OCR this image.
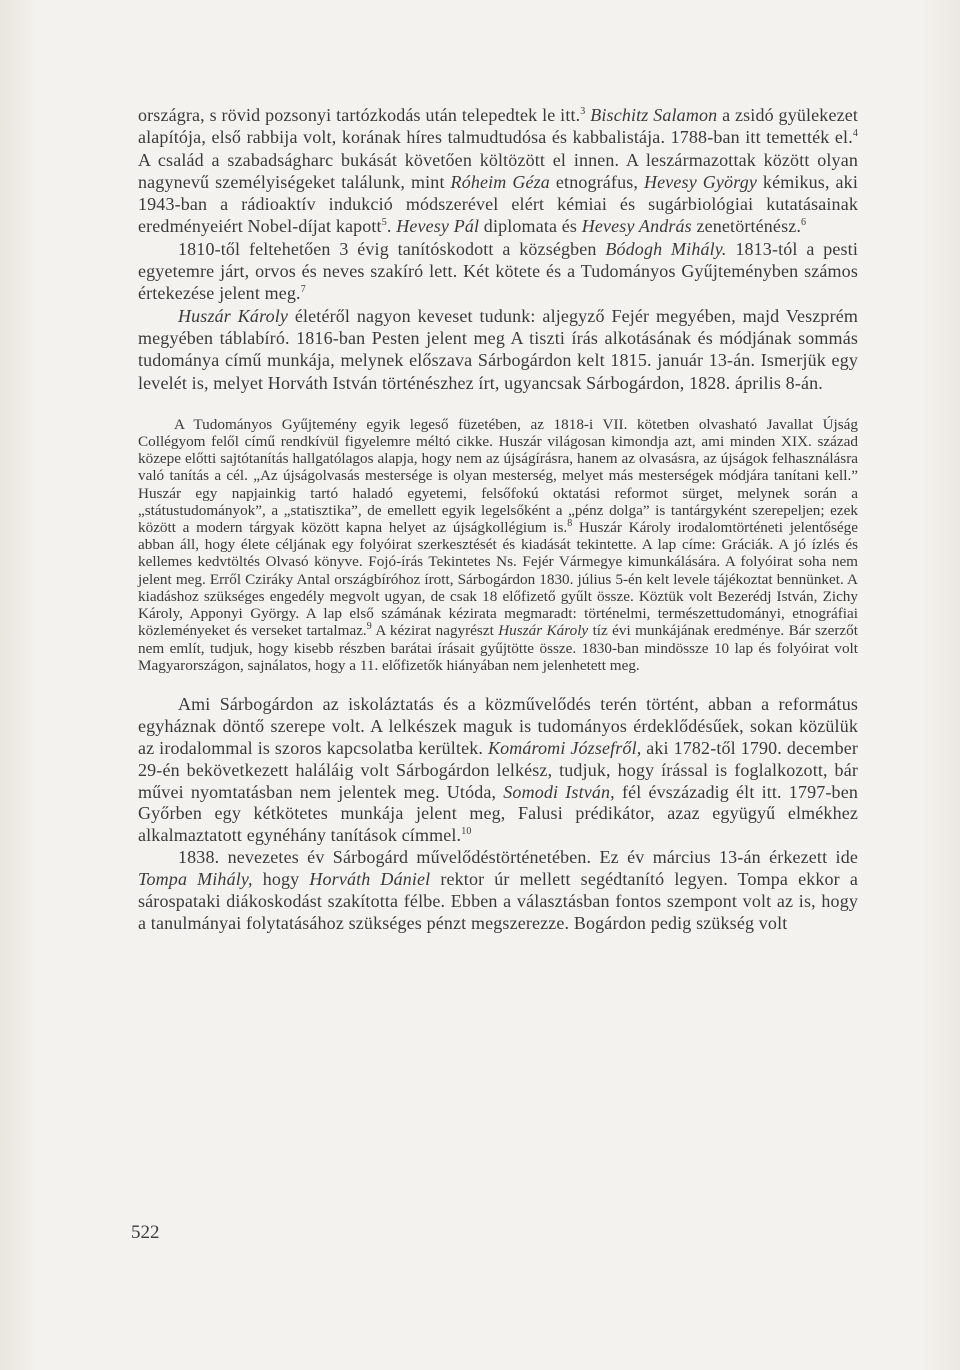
országra, s rövid pozsonyi tartózkodás után telepedtek le itt.$^3$ Bischitz Salamon a zsidó gyülekezet alapítója, első rabbija volt, korának híres talmudtudósa és kabbalistája. 1788-ban itt temették el.$^4$ A család a szabadságharc bukását követően költözött el innen. A leszármazottak között olyan nagynevű személyiségeket találunk, mint Róheim Géza etnográfus, Hevesy György kémikus, aki 1943-ban a rádioaktív indukció módszerével elért kémiai és sugárbiológiai kutatásainak eredményeiért Nobel-díjat kapott$^5$. Hevesy Pál diplomata és Hevesy András zenetörténész.$^6$

1810-től feltehetően 3 évig tanítóskodott a községben Bódogh Mihály. 1813-tól a pesti egyetemre járt, orvos és neves szakíró lett. Két kötete és a Tudományos Gyűjteményben számos értekezése jelent meg.$^7$

Huszár Károly életéről nagyon keveset tudunk: aljegyző Fejér megyében, majd Veszprém megyében táblabíró. 1816-ban Pesten jelent meg A tiszti írás alkotásának és módjának sommás tudománya című munkája, melynek előszava Sárbogárdon kelt 1815. január 13-án. Ismerjük egy levelét is, melyet Horváth István történészhez írt, ugyancsak Sárbogárdon, 1828. április 8-án.

A Tudományos Gyűjtemény egyik legeső füzetében, az 1818-i VII. kötetben olvasható Javallat Újság Collégyom felől című rendkívül figyelemre méltó cikke. Huszár világosan kimondja azt, ami minden XIX. század közepe előtti sajtótanítás hallgatólagos alapja, hogy nem az újságírásra, hanem az olvasásra, az újságok felhasználásra való tanítás a cél. „Az újságolvasás mestersége is olyan mesterség, melyet más mesterségek módjára tanítani kell.” Huszár egy napjainkig tartó haladó egyetemi, felsőfokú oktatási reformot sürget, melynek során a „státustudományok”, a „statisztika”, de emellett egyik legelsőként a „pénz dolga” is tantárgyként szerepeljen; ezek között a modern tárgyak között kapna helyet az újságkollégium is.$^8$ Huszár Károly irodalomtörténeti jelentősége abban áll, hogy élete céljának egy folyóirat szerkesztését és kiadását tekintette. A lap címe: Gráciák. A jó ízlés és kellemes kedvtöltés Olvasó könyve. Fojó-írás Tekintetes Ns. Fejér Vármegye kimunkálására. A folyóirat soha nem jelent meg. Erről Cziráky Antal országbíróhoz írott, Sárbogárdon 1830. július 5-én kelt levele tájékoztat bennünket. A kiadáshoz szükséges engedély megvolt ugyan, de csak 18 előfizető gyűlt össze. Köztük volt Bezerédj István, Zichy Károly, Apponyi György. A lap első számának kézirata megmaradt: történelmi, természettudományi, etnográfiai közleményeket és verseket tartalmaz.$^9$ A kézirat nagyrészt Huszár Károly tíz évi munkájának eredménye. Bár szerzőt nem említ, tudjuk, hogy kisebb részben barátai írásait gyűjtötte össze. 1830-ban mindössze 10 lap és folyóirat volt Magyarországon, sajnálatos, hogy a 11. előfizetők hiányában nem jelenhetett meg.

Ami Sárbogárdon az iskoláztatás és a közművelődés terén történt, abban a református egyháznak döntő szerepe volt. A lelkészek maguk is tudományos érdeklődésűek, sokan közülük az irodalommal is szoros kapcsolatba kerültek. Komáromi Józsefről, aki 1782-től 1790. december 29-én bekövetkezett haláláig volt Sárbogárdon lelkész, tudjuk, hogy írással is foglalkozott, bár művei nyomtatásban nem jelentek meg. Utóda, Somodi István, fél évszázadig élt itt. 1797-ben Győrben egy kétkötetes munkája jelent meg, Falusi prédikátor, azaz együgyű elmékhez alkalmaztatott egynéhány tanítások címmel.$^{10}$

1838. nevezetes év Sárbogárd művelődéstörténetében. Ez év március 13-án érkezett ide Tompa Mihály, hogy Horváth Dániel rektor úr mellett segédtanító legyen. Tompa ekkor a sárospataki diákoskodást szakította félbe. Ebben a választásban fontos szempont volt az is, hogy a tanulmányai folytatásához szükséges pénzt megszerezze. Bogárdon pedig szükség volt

522
